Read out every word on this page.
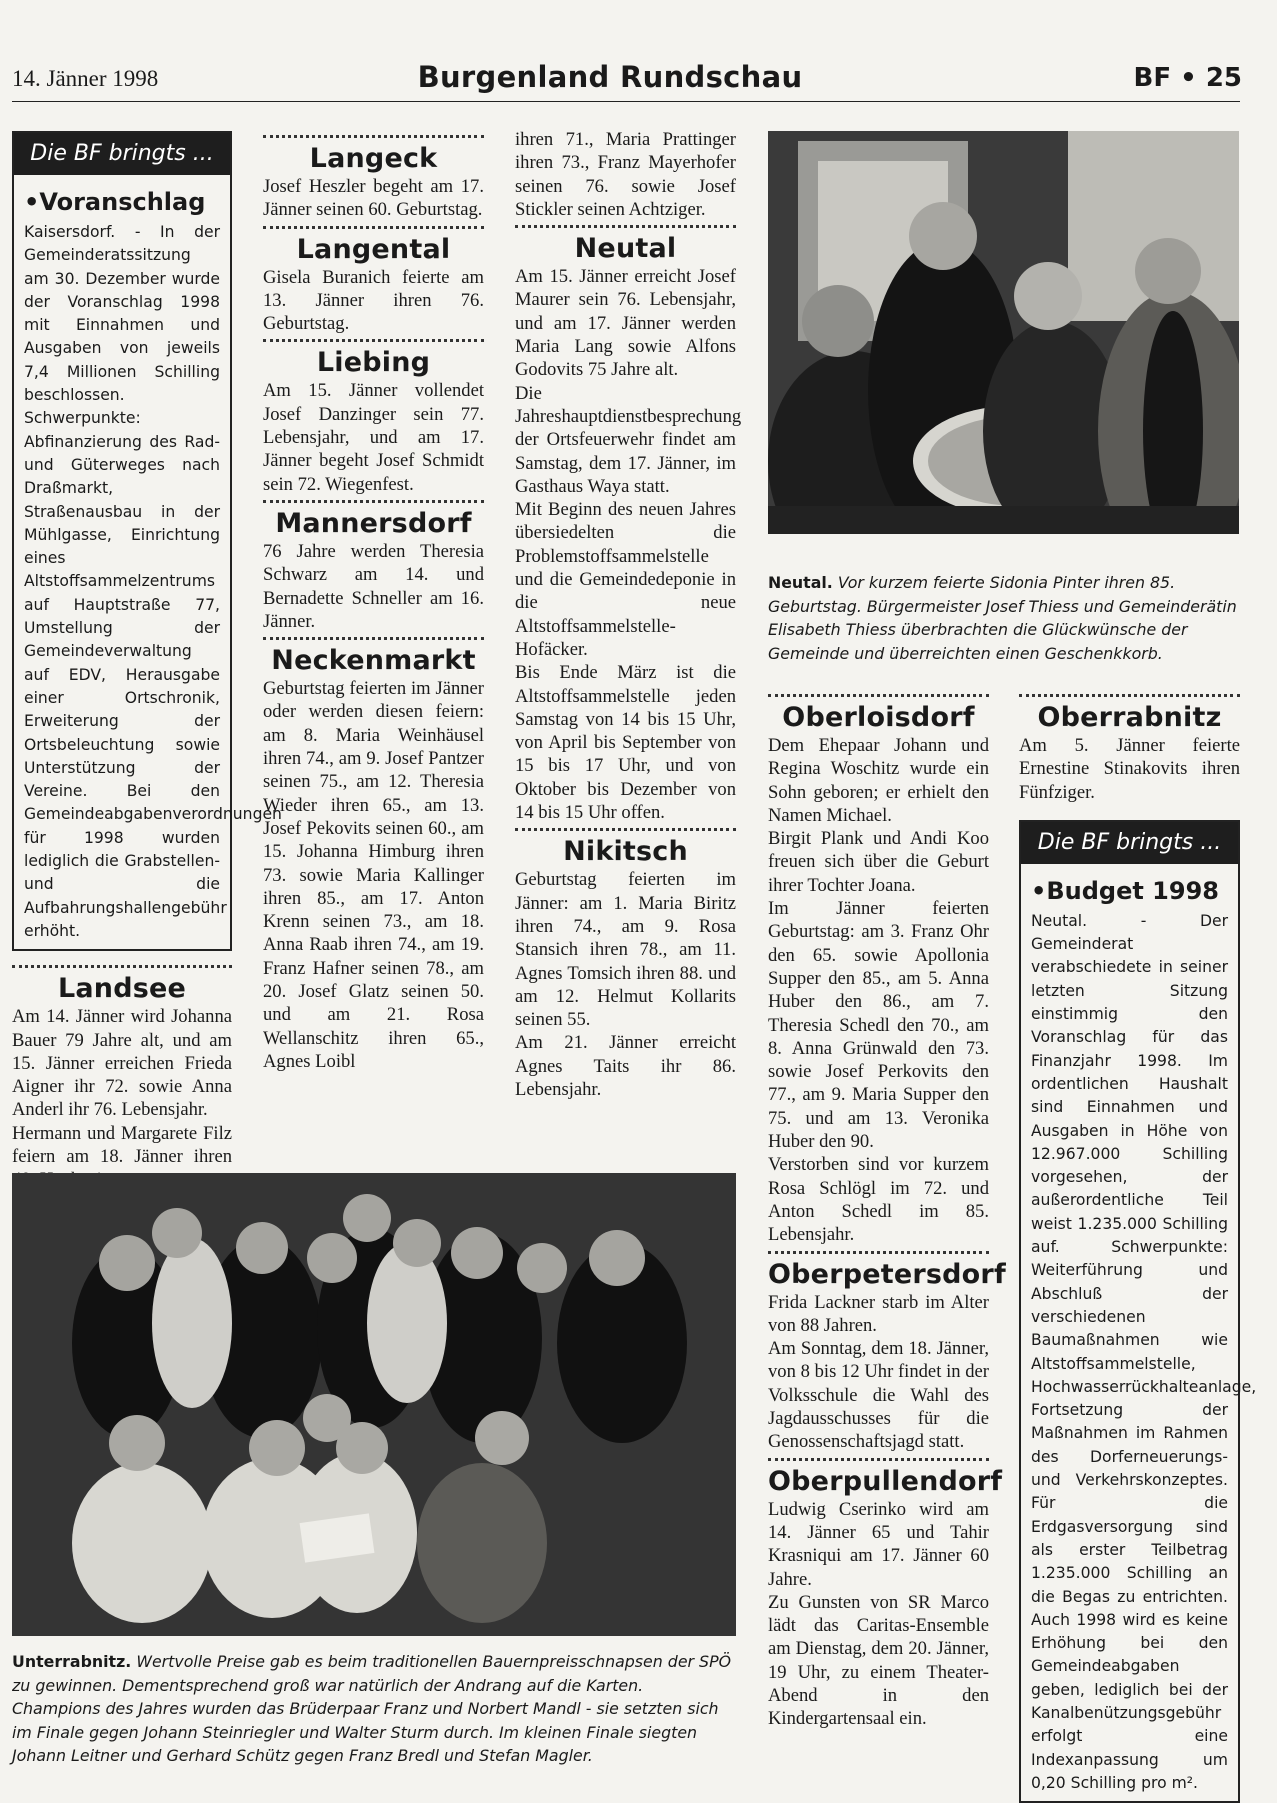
14. Jänner 1998	Burgenland Rundschau	BF • 25
Die BF bringts ...
•Voranschlag

Kaisersdorf. - In der Gemeinderatssitzung am 30. Dezember wurde der Voranschlag 1998 mit Einnahmen und Ausgaben von jeweils 7,4 Millionen Schilling beschlossen. Schwerpunkte: Abfinanzierung des Rad- und Güterweges nach Draßmarkt, Straßenausbau in der Mühlgasse, Einrichtung eines Altstoffsammelzentrums auf Hauptstraße 77, Umstellung der Gemeindeverwaltung auf EDV, Herausgabe einer Ortschronik, Erweiterung der Ortsbeleuchtung sowie Unterstützung der Vereine. Bei den Gemeindeabgabenverordnungen für 1998 wurden lediglich die Grabstellen- und die Aufbahrungshallengebühr erhöht.

Landsee

Am 14. Jänner wird Johanna Bauer 79 Jahre alt, und am 15. Jänner erreichen Frieda Aigner ihr 72. sowie Anna Anderl ihr 76. Lebensjahr.

Hermann und Margarete Filz feiern am 18. Jänner ihren

Langeck

Josef Heszler begeht am 17. Jänner seinen 60. Geburtstag.

Langental

Gisela Buranich feierte am 13. Jänner ihren 76. Geburtstag.

Liebing

Am 15. Jänner vollendet Josef Danzinger sein 77. Lebensjahr, und am 17. Jänner begeht Josef Schmidt sein 72. Wiegenfest.

Mannersdorf

76 Jahre werden Theresia Schwarz am 14. und Bernadette Schneller am 16. Jänner.

Neckenmarkt

Geburtstag feierten im Jänner oder werden diesen feiern: am 8. Maria Weinhäusel ihren 74., am 9. Josef Pantzer seinen 75., am 12. Theresia Wieder ihren 65., am 13. Josef Pekovits seinen 60., am 15. Johanna Himburg ihren 73. sowie Maria Kallinger ihren 85., am 17. Anton Krenn seinen 73., am 18. Anna Raab ihren 74., am 19. Franz Hafner seinen 78., am 20. Josef Glatz seinen 50. und am 21. Rosa Wellanschitz ihren 65., Agnes Loibl

ihren 71., Maria Prattinger ihren 73., Franz Mayerhofer seinen 76. sowie Josef Stickler seinen Achtziger.

Neutal

Am 15. Jänner erreicht Josef Maurer sein 76. Lebensjahr, und am 17. Jänner werden Maria Lang sowie Alfons Godovits 75 Jahre alt.

Die Jahreshauptdienstbesprechung der Ortsfeuerwehr findet am Samstag, dem 17. Jänner, im Gasthaus Waya statt.

Mit Beginn des neuen Jahres übersiedelten die Problemstoffsammelstelle und die Gemeindedeponie in die neue Altstoffsammelstelle-Hofäcker.

Bis Ende März ist die Altstoffsammelstelle jeden Samstag von 14 bis 15 Uhr, von April bis September von 15 bis 17 Uhr, und von Oktober bis Dezember von 14 bis 15 Uhr offen.

Nikitsch

Geburtstag feierten im Jänner: am 1. Maria Biritz ihren 74., am 9. Rosa Stansich ihren 78., am 11. Agnes Tomsich ihren 88. und am 12. Helmut Kollarits seinen 55.

Am 21. Jänner erreicht Agnes Taits ihr 86. Lebensjahr.

Neutal. Vor kurzem feierte Sidonia Pinter ihren 85. Geburtstag. Bürgermeister Josef Thiess und Gemeinderätin Elisabeth Thiess überbrachten die Glückwünsche der Gemeinde und überreichten einen Geschenkkorb.
Oberloisdorf

Dem Ehepaar Johann und Regina Woschitz wurde ein Sohn geboren; er erhielt den Namen Michael.

Birgit Plank und Andi Koo freuen sich über die Geburt ihrer Tochter Joana.

Im Jänner feierten Geburtstag: am 3. Franz Ohr den 65. sowie Apollonia Supper den 85., am 5. Anna Huber den 86., am 7. Theresia Schedl den 70., am 8. Anna Grünwald den 73. sowie Josef Perkovits den 77., am 9. Maria Supper den 75. und am 13. Veronika Huber den 90.

Verstorben sind vor kurzem Rosa Schlögl im 72. und Anton Schedl im 85. Lebensjahr.

Oberpetersdorf

Frida Lackner starb im Alter von 88 Jahren.

Am Sonntag, dem 18. Jänner, von 8 bis 12 Uhr findet in der Volksschule die Wahl des Jagdausschusses für die Genossenschaftsjagd statt.

Oberpullendorf

Ludwig Cserinko wird am 14. Jänner 65 und Tahir Krasniqui am 17. Jänner 60 Jahre.

Zu Gunsten von SR Marco lädt das Caritas-Ensemble am Dienstag, dem 20. Jänner, 19 Uhr, zu einem Theater-Abend in den Kindergartensaal ein.

Oberrabnitz

Am 5. Jänner feierte Ernestine Stinakovits ihren Fünfziger.

Die BF bringts ...
•Budget 1998

Neutal. - Der Gemeinderat verabschiedete in seiner letzten Sitzung einstimmig den Voranschlag für das Finanzjahr 1998. Im ordentlichen Haushalt sind Einnahmen und Ausgaben in Höhe von 12.967.000 Schilling vorgesehen, der außerordentliche Teil weist 1.235.000 Schilling auf. Schwerpunkte: Weiterführung und Abschluß der verschiedenen Baumaßnahmen wie Altstoffsammelstelle, Hochwasserrückhalteanlage, Fortsetzung der Maßnahmen im Rahmen des Dorferneuerungs- und Verkehrskonzeptes. Für die Erdgasversorgung sind als erster Teilbetrag 1.235.000 Schilling an die Begas zu entrichten. Auch 1998 wird es keine Erhöhung bei den Gemeindeabgaben geben, lediglich bei der Kanalbenützungsgebühr erfolgt eine Indexanpassung um 0,20 Schilling pro m².

Unterrabnitz. Wertvolle Preise gab es beim traditionellen Bauernpreisschnapsen der SPÖ zu gewinnen. Dementsprechend groß war natürlich der Andrang auf die Karten. Champions des Jahres wurden das Brüderpaar Franz und Norbert Mandl - sie setzten sich im Finale gegen Johann Steinriegler und Walter Sturm durch. Im kleinen Finale siegten Johann Leitner und Gerhard Schütz gegen Franz Bredl und Stefan Magler.
